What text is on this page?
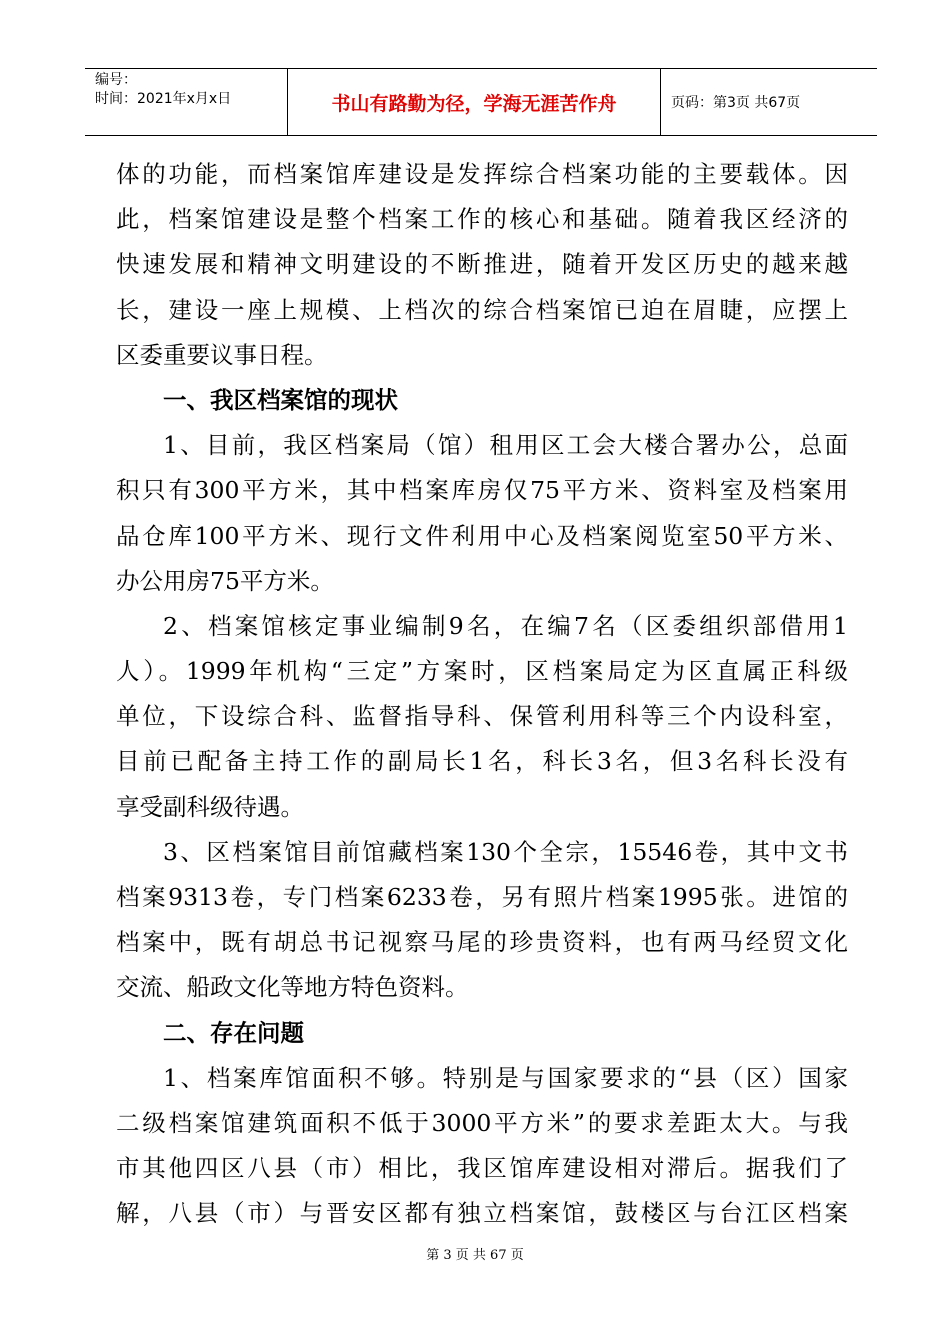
编号：
时间：2021年x月x日	书山有路勤为径，学海无涯苦作舟	页码：第3页 共67页
体的功能，而档案馆库建设是发挥综合档案功能的主要载体。因
此，档案馆建设是整个档案工作的核心和基础。随着我区经济的
快速发展和精神文明建设的不断推进，随着开发区历史的越来越
长，建设一座上规模、上档次的综合档案馆已迫在眉睫，应摆上
区委重要议事日程。
一、我区档案馆的现状
1、目前，我区档案局（馆）租用区工会大楼合署办公，总面
积只有300平方米，其中档案库房仅75平方米、资料室及档案用
品仓库100平方米、现行文件利用中心及档案阅览室50平方米、
办公用房75平方米。
2、档案馆核定事业编制9名，在编7名（区委组织部借用1
人）。1999年机构“三定”方案时，区档案局定为区直属正科级
单位，下设综合科、监督指导科、保管利用科等三个内设科室，
目前已配备主持工作的副局长1名，科长3名，但3名科长没有
享受副科级待遇。
3、区档案馆目前馆藏档案130个全宗，15546卷，其中文书
档案9313卷，专门档案6233卷，另有照片档案1995张。进馆的
档案中，既有胡总书记视察马尾的珍贵资料，也有两马经贸文化
交流、船政文化等地方特色资料。
二、存在问题
1、档案库馆面积不够。特别是与国家要求的“县（区）国家
二级档案馆建筑面积不低于3000平方米”的要求差距太大。与我
市其他四区八县（市）相比，我区馆库建设相对滞后。据我们了
解，八县（市）与晋安区都有独立档案馆，鼓楼区与台江区档案
第 3 页 共 67 页
